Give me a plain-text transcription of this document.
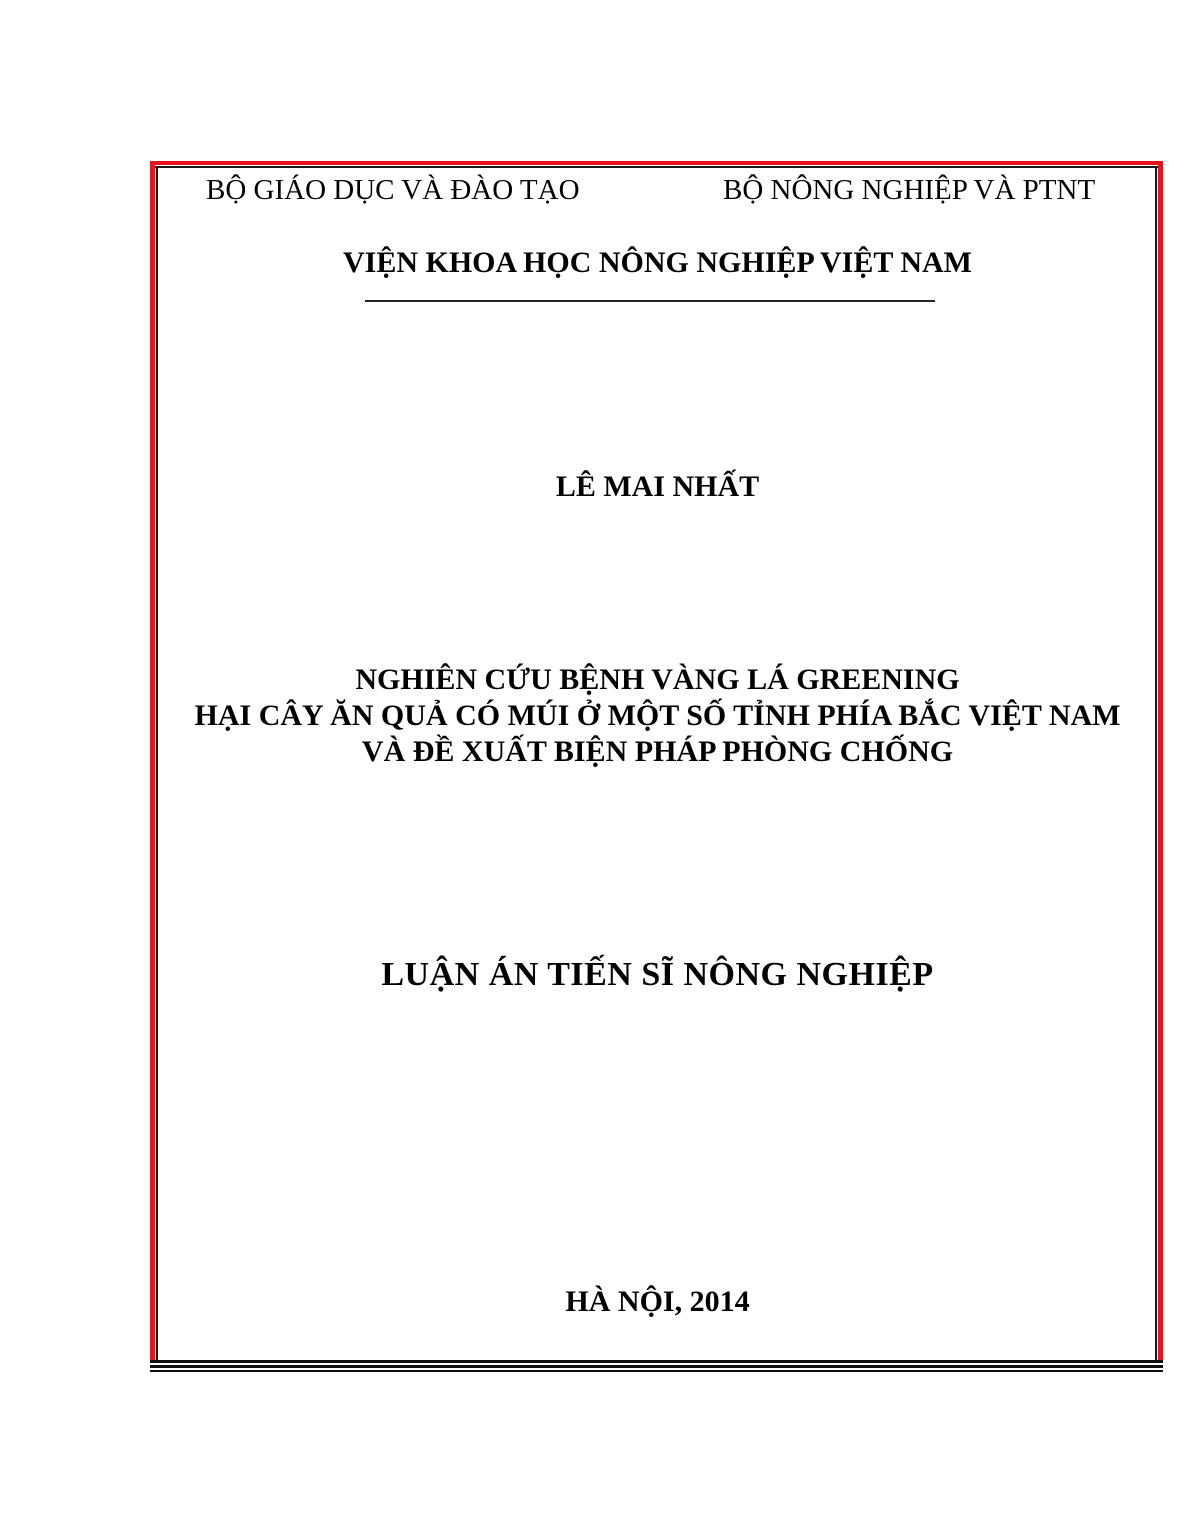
BỘ GIÁO DỤC VÀ ĐÀO TẠO	BỘ NÔNG NGHIỆP VÀ PTNT
VIỆN KHOA HỌC NÔNG NGHIỆP VIỆT NAM
LÊ MAI NHẤT
NGHIÊN CỨU BỆNH VÀNG LÁ GREENING
HẠI CÂY ĂN QUẢ CÓ MÚI Ở MỘT SỐ TỈNH PHÍA BẮC VIỆT NAM
VÀ ĐỀ XUẤT BIỆN PHÁP PHÒNG CHỐNG
LUẬN ÁN TIẾN SĨ NÔNG NGHIỆP
HÀ NỘI, 2014
